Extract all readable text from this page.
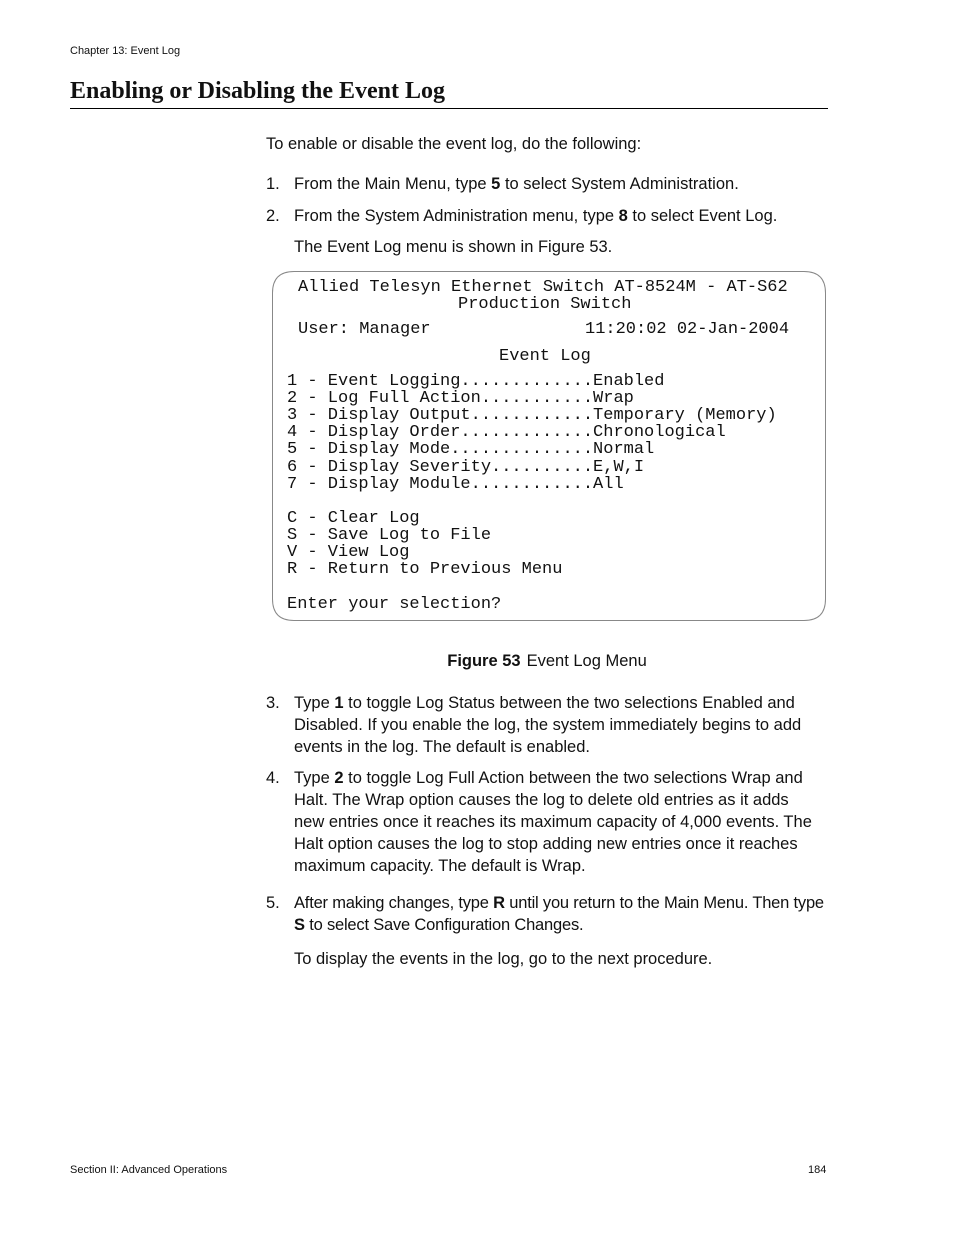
Chapter 13: Event Log
Enabling or Disabling the Event Log

To enable or disable the event log, do the following:

1. From the Main Menu, type 5 to select System Administration.
2. From the System Administration menu, type 8 to select Event Log.

The Event Log menu is shown in Figure 53.

Allied Telesyn Ethernet Switch AT-8524M - AT-S62

Production Switch

User: Manager

	11:20:02 02-Jan-2004

Event Log

1 - Event Logging.............Enabled

2 - Log Full Action...........Wrap

3 - Display Output............Temporary (Memory)

4 - Display Order.............Chronological

5 - Display Mode..............Normal

6 - Display Severity..........E,W,I

7 - Display Module............All

C - Clear Log

S - Save Log to File

V - View Log

R - Return to Previous Menu

Enter your selection?

Figure 53 Event Log Menu
3. Type 1 to toggle Log Status between the two selections Enabled and Disabled. If you enable the log, the system immediately begins to add events in the log. The default is enabled.
4. Type 2 to toggle Log Full Action between the two selections Wrap and Halt. The Wrap option causes the log to delete old entries as it adds new entries once it reaches its maximum capacity of 4,000 events. The Halt option causes the log to stop adding new entries once it reaches maximum capacity. The default is Wrap.
5. After making changes, type R until you return to the Main Menu. Then type S to select Save Configuration Changes.

To display the events in the log, go to the next procedure.

Section II: Advanced Operations	184
